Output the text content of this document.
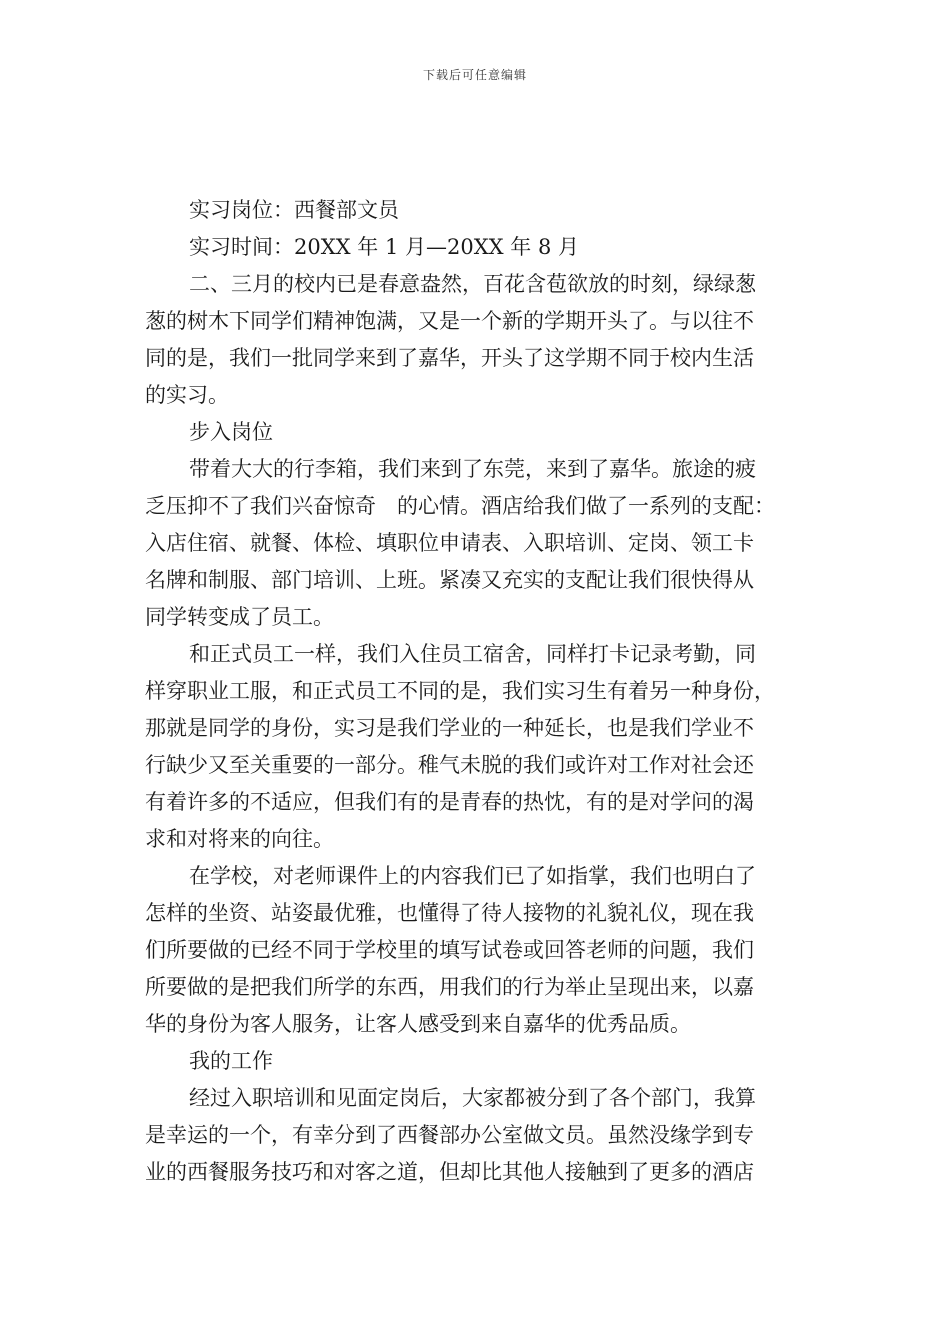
下载后可任意编辑

实习岗位：西餐部文员

实习时间：20XX 年 1 月—20XX 年 8 月

二、三月的校内已是春意盎然，百花含苞欲放的时刻，绿绿葱
葱的树木下同学们精神饱满，又是一个新的学期开头了。与以往不
同的是，我们一批同学来到了嘉华，开头了这学期不同于校内生活
的实习。

步入岗位

带着大大的行李箱，我们来到了东莞，来到了嘉华。旅途的疲
乏压抑不了我们兴奋惊奇　的心情。酒店给我们做了一系列的支配：
入店住宿、就餐、体检、填职位申请表、入职培训、定岗、领工卡
名牌和制服、部门培训、上班。紧凑又充实的支配让我们很快得从
同学转变成了员工。

和正式员工一样，我们入住员工宿舍，同样打卡记录考勤，同
样穿职业工服，和正式员工不同的是，我们实习生有着另一种身份，
那就是同学的身份，实习是我们学业的一种延长，也是我们学业不
行缺少又至关重要的一部分。稚气未脱的我们或许对工作对社会还
有着许多的不适应，但我们有的是青春的热忱，有的是对学问的渴
求和对将来的向往。

在学校，对老师课件上的内容我们已了如指掌，我们也明白了
怎样的坐资、站姿最优雅，也懂得了待人接物的礼貌礼仪，现在我
们所要做的已经不同于学校里的填写试卷或回答老师的问题，我们
所要做的是把我们所学的东西，用我们的行为举止呈现出来，以嘉
华的身份为客人服务，让客人感受到来自嘉华的优秀品质。

我的工作

经过入职培训和见面定岗后，大家都被分到了各个部门，我算
是幸运的一个，有幸分到了西餐部办公室做文员。虽然没缘学到专
业的西餐服务技巧和对客之道，但却比其他人接触到了更多的酒店
